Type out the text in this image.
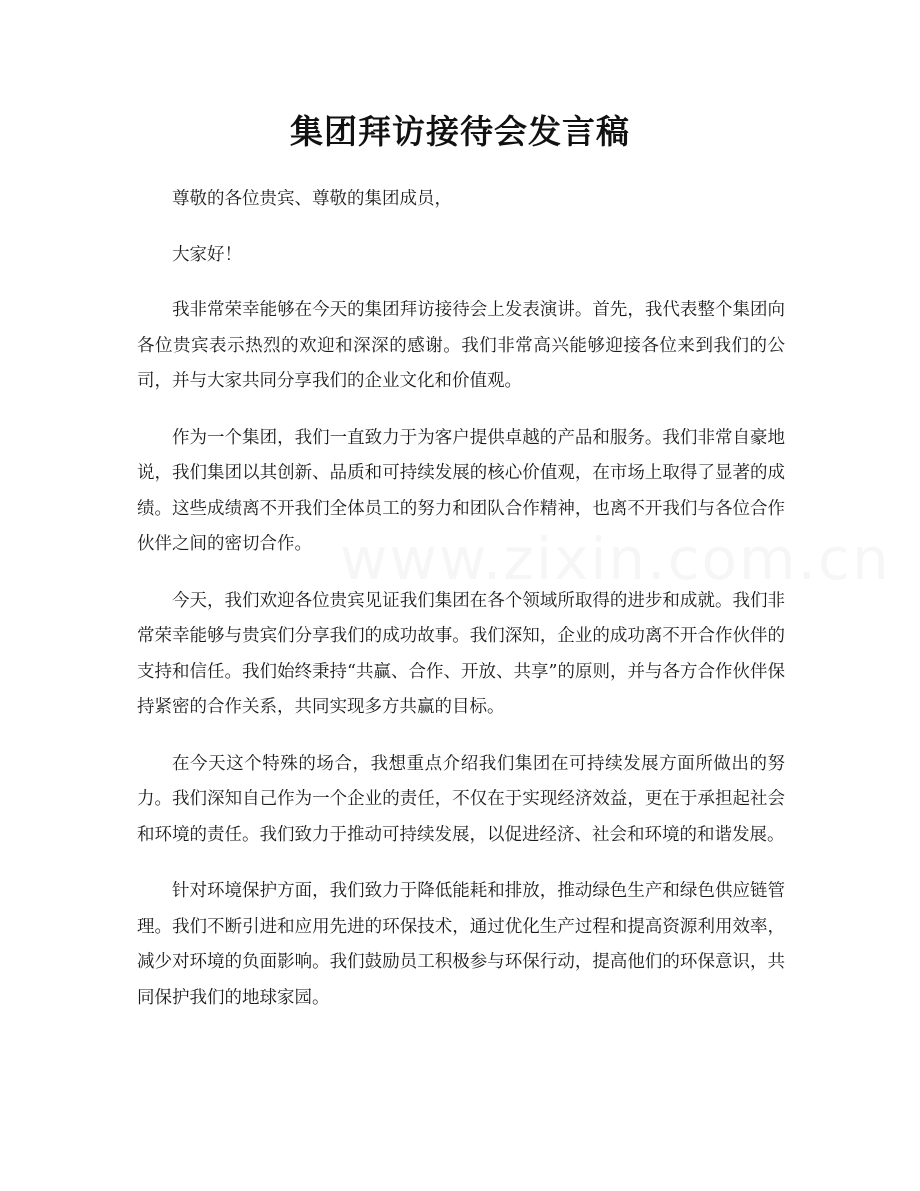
集团拜访接待会发言稿

尊敬的各位贵宾、尊敬的集团成员，

大家好！

我非常荣幸能够在今天的集团拜访接待会上发表演讲。首先，我代表整个集团向各位贵宾表示热烈的欢迎和深深的感谢。我们非常高兴能够迎接各位来到我们的公司，并与大家共同分享我们的企业文化和价值观。

作为一个集团，我们一直致力于为客户提供卓越的产品和服务。我们非常自豪地说，我们集团以其创新、品质和可持续发展的核心价值观，在市场上取得了显著的成绩。这些成绩离不开我们全体员工的努力和团队合作精神，也离不开我们与各位合作伙伴之间的密切合作。

今天，我们欢迎各位贵宾见证我们集团在各个领域所取得的进步和成就。我们非常荣幸能够与贵宾们分享我们的成功故事。我们深知，企业的成功离不开合作伙伴的支持和信任。我们始终秉持“共赢、合作、开放、共享”的原则，并与各方合作伙伴保持紧密的合作关系，共同实现多方共赢的目标。

在今天这个特殊的场合，我想重点介绍我们集团在可持续发展方面所做出的努力。我们深知自己作为一个企业的责任，不仅在于实现经济效益，更在于承担起社会和环境的责任。我们致力于推动可持续发展，以促进经济、社会和环境的和谐发展。

针对环境保护方面，我们致力于降低能耗和排放，推动绿色生产和绿色供应链管理。我们不断引进和应用先进的环保技术，通过优化生产过程和提高资源利用效率，减少对环境的负面影响。我们鼓励员工积极参与环保行动，提高他们的环保意识，共同保护我们的地球家园。
